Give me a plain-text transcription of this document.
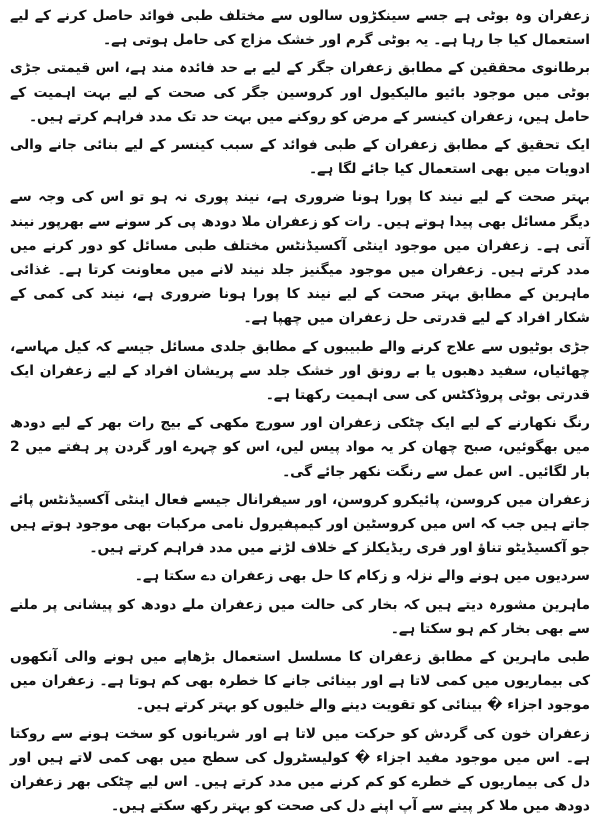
زعفران وہ بوٹی ہے جسے سینکڑوں سالوں سے مختلف طبی فوائد حاصل کرنے کے لیے استعمال کیا جا رہا ہے۔ یہ بوٹی گرم اور خشک مزاج کی حامل ہوتی ہے۔

برطانوی محققین کے مطابق زعفران جگر کے لیے بے حد فائدہ مند ہے، اس قیمتی جڑی بوٹی میں موجود بائیو مالیکیول اور کروسین جگر کی صحت کے لیے بہت اہمیت کے حامل ہیں، زعفران کینسر کے مرض کو روکنے میں بہت حد تک مدد فراہم کرتے ہیں۔

ایک تحقیق کے مطابق زعفران کے طبی فوائد کے سبب کینسر کے لیے بنائی جانے والی ادویات میں بھی استعمال کیا جائے لگا ہے۔

بہتر صحت کے لیے نیند کا پورا ہونا ضروری ہے، نیند پوری نہ ہو تو اس کی وجہ سے دیگر مسائل بھی پیدا ہوتے ہیں۔ رات کو زعفران ملا دودھ پی کر سونے سے بھرپور نیند آتی ہے۔ زعفران میں موجود اینٹی آکسیڈنٹس مختلف طبی مسائل کو دور کرنے میں مدد کرتے ہیں۔ زعفران میں موجود میگنیز جلد نیند لانے میں معاونت کرتا ہے۔ غذائی ماہرین کے مطابق بہتر صحت کے لیے نیند کا پورا ہونا ضروری ہے، نیند کی کمی کے شکار افراد کے لیے قدرتی حل زعفران میں چھپا ہے۔

جڑی بوٹیوں سے علاج کرنے والے طبیبوں کے مطابق جلدی مسائل جیسے کہ کیل مہاسے، چھائیاں، سفید دھبوں یا بے رونق اور خشک جلد سے پریشان افراد کے لیے زعفران ایک قدرتی بوٹی پروڈکٹس کی سی اہمیت رکھتا ہے۔

رنگ نکھارنے کے لیے ایک چٹکی زعفران اور سورج مکھی کے بیج رات بھر کے لیے دودھ میں بھگوئیں، صبح چھان کر یہ مواد پیس لیں، اس کو چہرے اور گردن پر ہفتے میں 2 بار لگائیں۔ اس عمل سے رنگت نکھر جائے گی۔

زعفران میں کروسن، پائیکرو کروسن، اور سیفرانال جیسے فعال اینٹی آکسیڈنٹس پائے جاتے ہیں جب کہ اس میں کروسٹین اور کیمپفیرول نامی مرکبات بھی موجود ہوتے ہیں جو آکسیڈیٹو تناؤ اور فری ریڈیکلز کے خلاف لڑنے میں مدد فراہم کرتے ہیں۔

سردیوں میں ہونے والے نزلہ و زکام کا حل بھی زعفران دے سکتا ہے۔

ماہرین مشورہ دیتے ہیں کہ بخار کی حالت میں زعفران ملے دودھ کو پیشانی پر ملنے سے بھی بخار کم ہو سکتا ہے۔

طبی ماہرین کے مطابق زعفران کا مسلسل استعمال بڑھاپے میں ہونے والی آنکھوں کی بیماریوں میں کمی لاتا ہے اور بینائی جانے کا خطرہ بھی کم ہوتا ہے۔ زعفران میں موجود اجزاء � بینائی کو تقویت دینے والے خلیوں کو بہتر کرتے ہیں۔

زعفران خون کی گردش کو حرکت میں لاتا ہے اور شریانوں کو سخت ہونے سے روکتا ہے۔ اس میں موجود مفید اجزاء � کولیسٹرول کی سطح میں بھی کمی لاتے ہیں اور دل کی بیماریوں کے خطرے کو کم کرنے میں مدد کرتے ہیں۔ اس لیے چٹکی بھر زعفران دودھ میں ملا کر پینے سے آپ اپنے دل کی صحت کو بہتر رکھ سکتے ہیں۔
